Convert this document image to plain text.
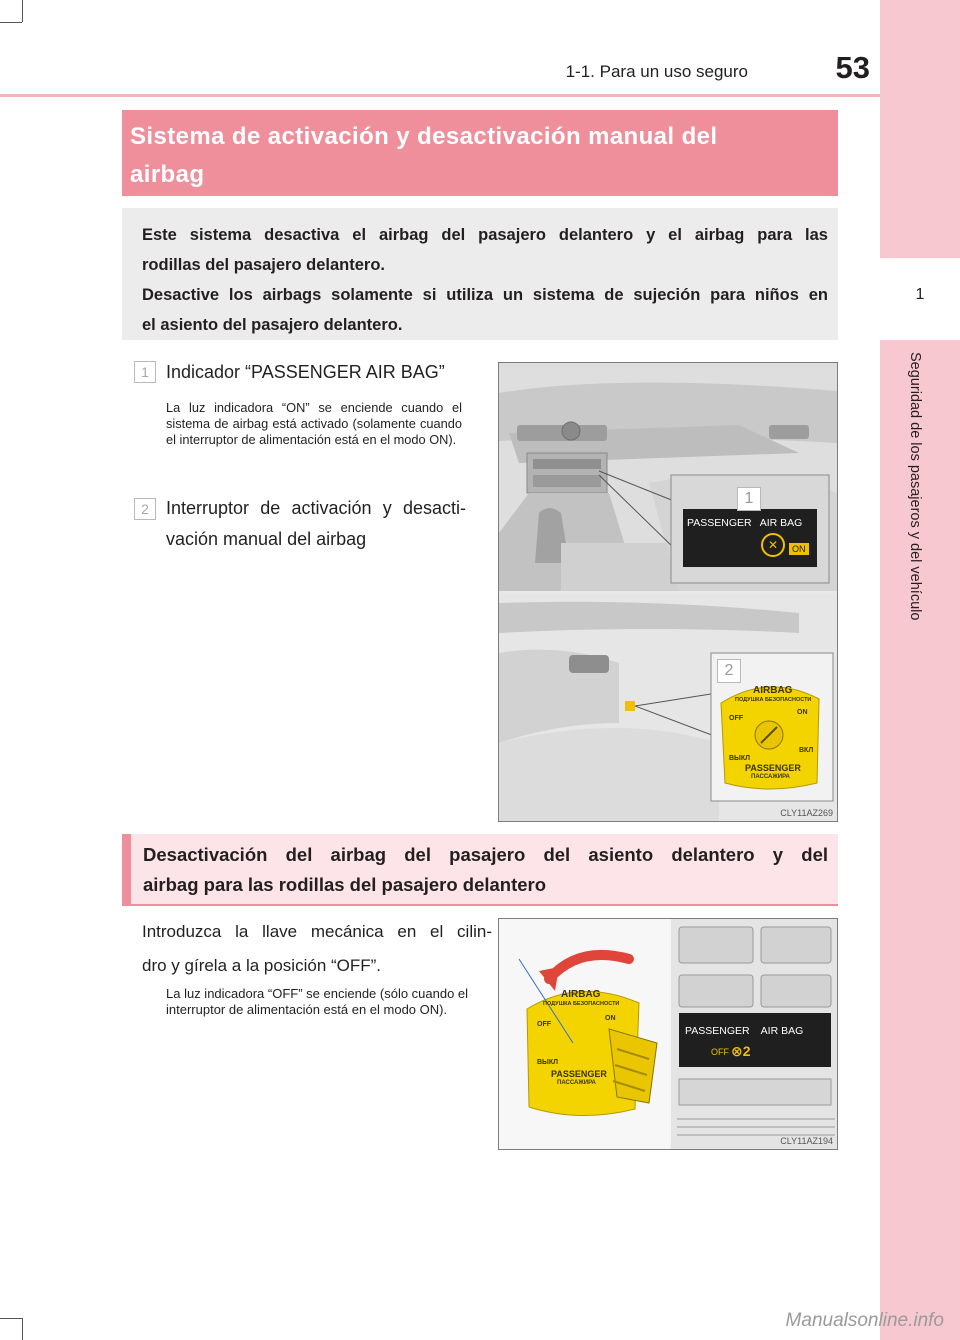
1-1. Para un uso seguro	53
1
Seguridad de los pasajeros y del vehículo
Sistema de activación y desactivación manual del
airbag

Este sistema desactiva el airbag del pasajero delantero y el airbag para las

rodillas del pasajero delantero.

Desactive los airbags solamente si utiliza un sistema de sujeción para niños en

el asiento del pasajero delantero.

1 Indicador “PASSENGER AIR BAG”
La luz indicadora “ON” se enciende cuando el sistema de airbag está activado (solamente cuando el interruptor de alimentación está en el modo ON).
2 Interruptor de activación y desacti-
vación manual del airbag
1
PASSENGER   AIR BAG
✕	ON
2
AIRBAG
ПОДУШКА БЕЗОПАСНОСТИ
OFF
ON
ВЫКЛ
ВКЛ
PASSENGER
ПАССАЖИРА
CLY11AZ269

Desactivación del airbag del pasajero del asiento delantero y del

airbag para las rodillas del pasajero delantero

Introduzca la llave mecánica en el cilin-
dro y gírela a la posición “OFF”.
La luz indicadora “OFF” se enciende (sólo cuando el interruptor de alimentación está en el modo ON).
AIRBAG
ПОДУШКА БЕЗОПАСНОСТИ
OFF
ON
ВЫКЛ
PASSENGER
ПАССАЖИРА
PASSENGER    AIR BAG
OFF ⊗2
CLY11AZ194
Manualsonline.info
